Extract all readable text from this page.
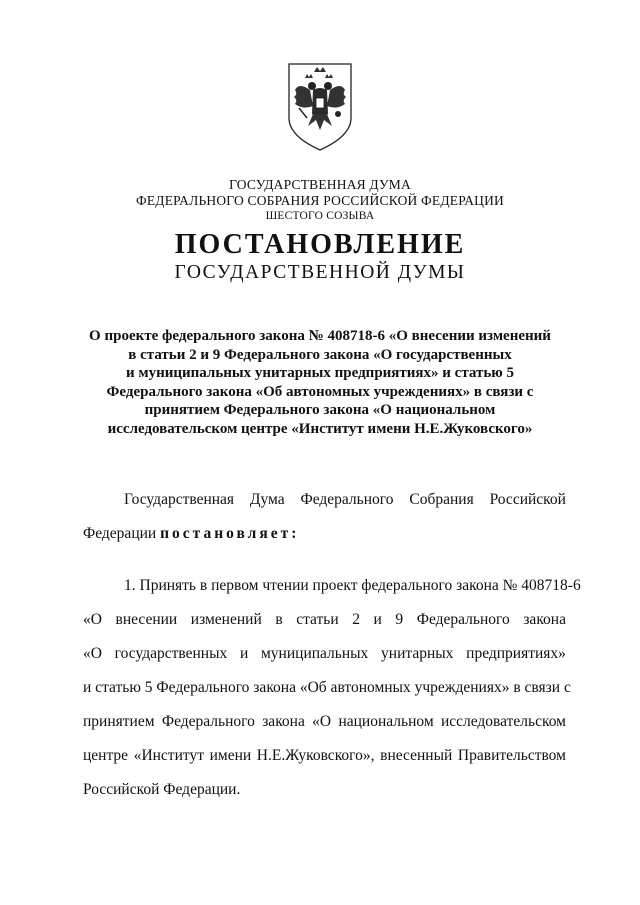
ГОСУДАРСТВЕННАЯ ДУМА
ФЕДЕРАЛЬНОГО СОБРАНИЯ РОССИЙСКОЙ ФЕДЕРАЦИИ
ШЕСТОГО СОЗЫВА
ПОСТАНОВЛЕНИЕ
ГОСУДАРСТВЕННОЙ ДУМЫ
О проекте федерального закона № 408718-6 «О внесении изменений
в статьи 2 и 9 Федерального закона «О государственных
и муниципальных унитарных предприятиях» и статью 5
Федерального закона «Об автономных учреждениях» в связи с
принятием Федерального закона «О национальном
исследовательском центре «Институт имени Н.Е.Жуковского»
Государственная Дума Федерального Собрания Российской
Федерации постановляет:
1. Принять в первом чтении проект федерального закона № 408718-6
«О внесении изменений в статьи 2 и 9 Федерального закона
«О государственных и муниципальных унитарных предприятиях»
и статью 5 Федерального закона «Об автономных учреждениях» в связи с
принятием Федерального закона «О национальном исследовательском
центре «Институт имени Н.Е.Жуковского», внесенный Правительством
Российской Федерации.
